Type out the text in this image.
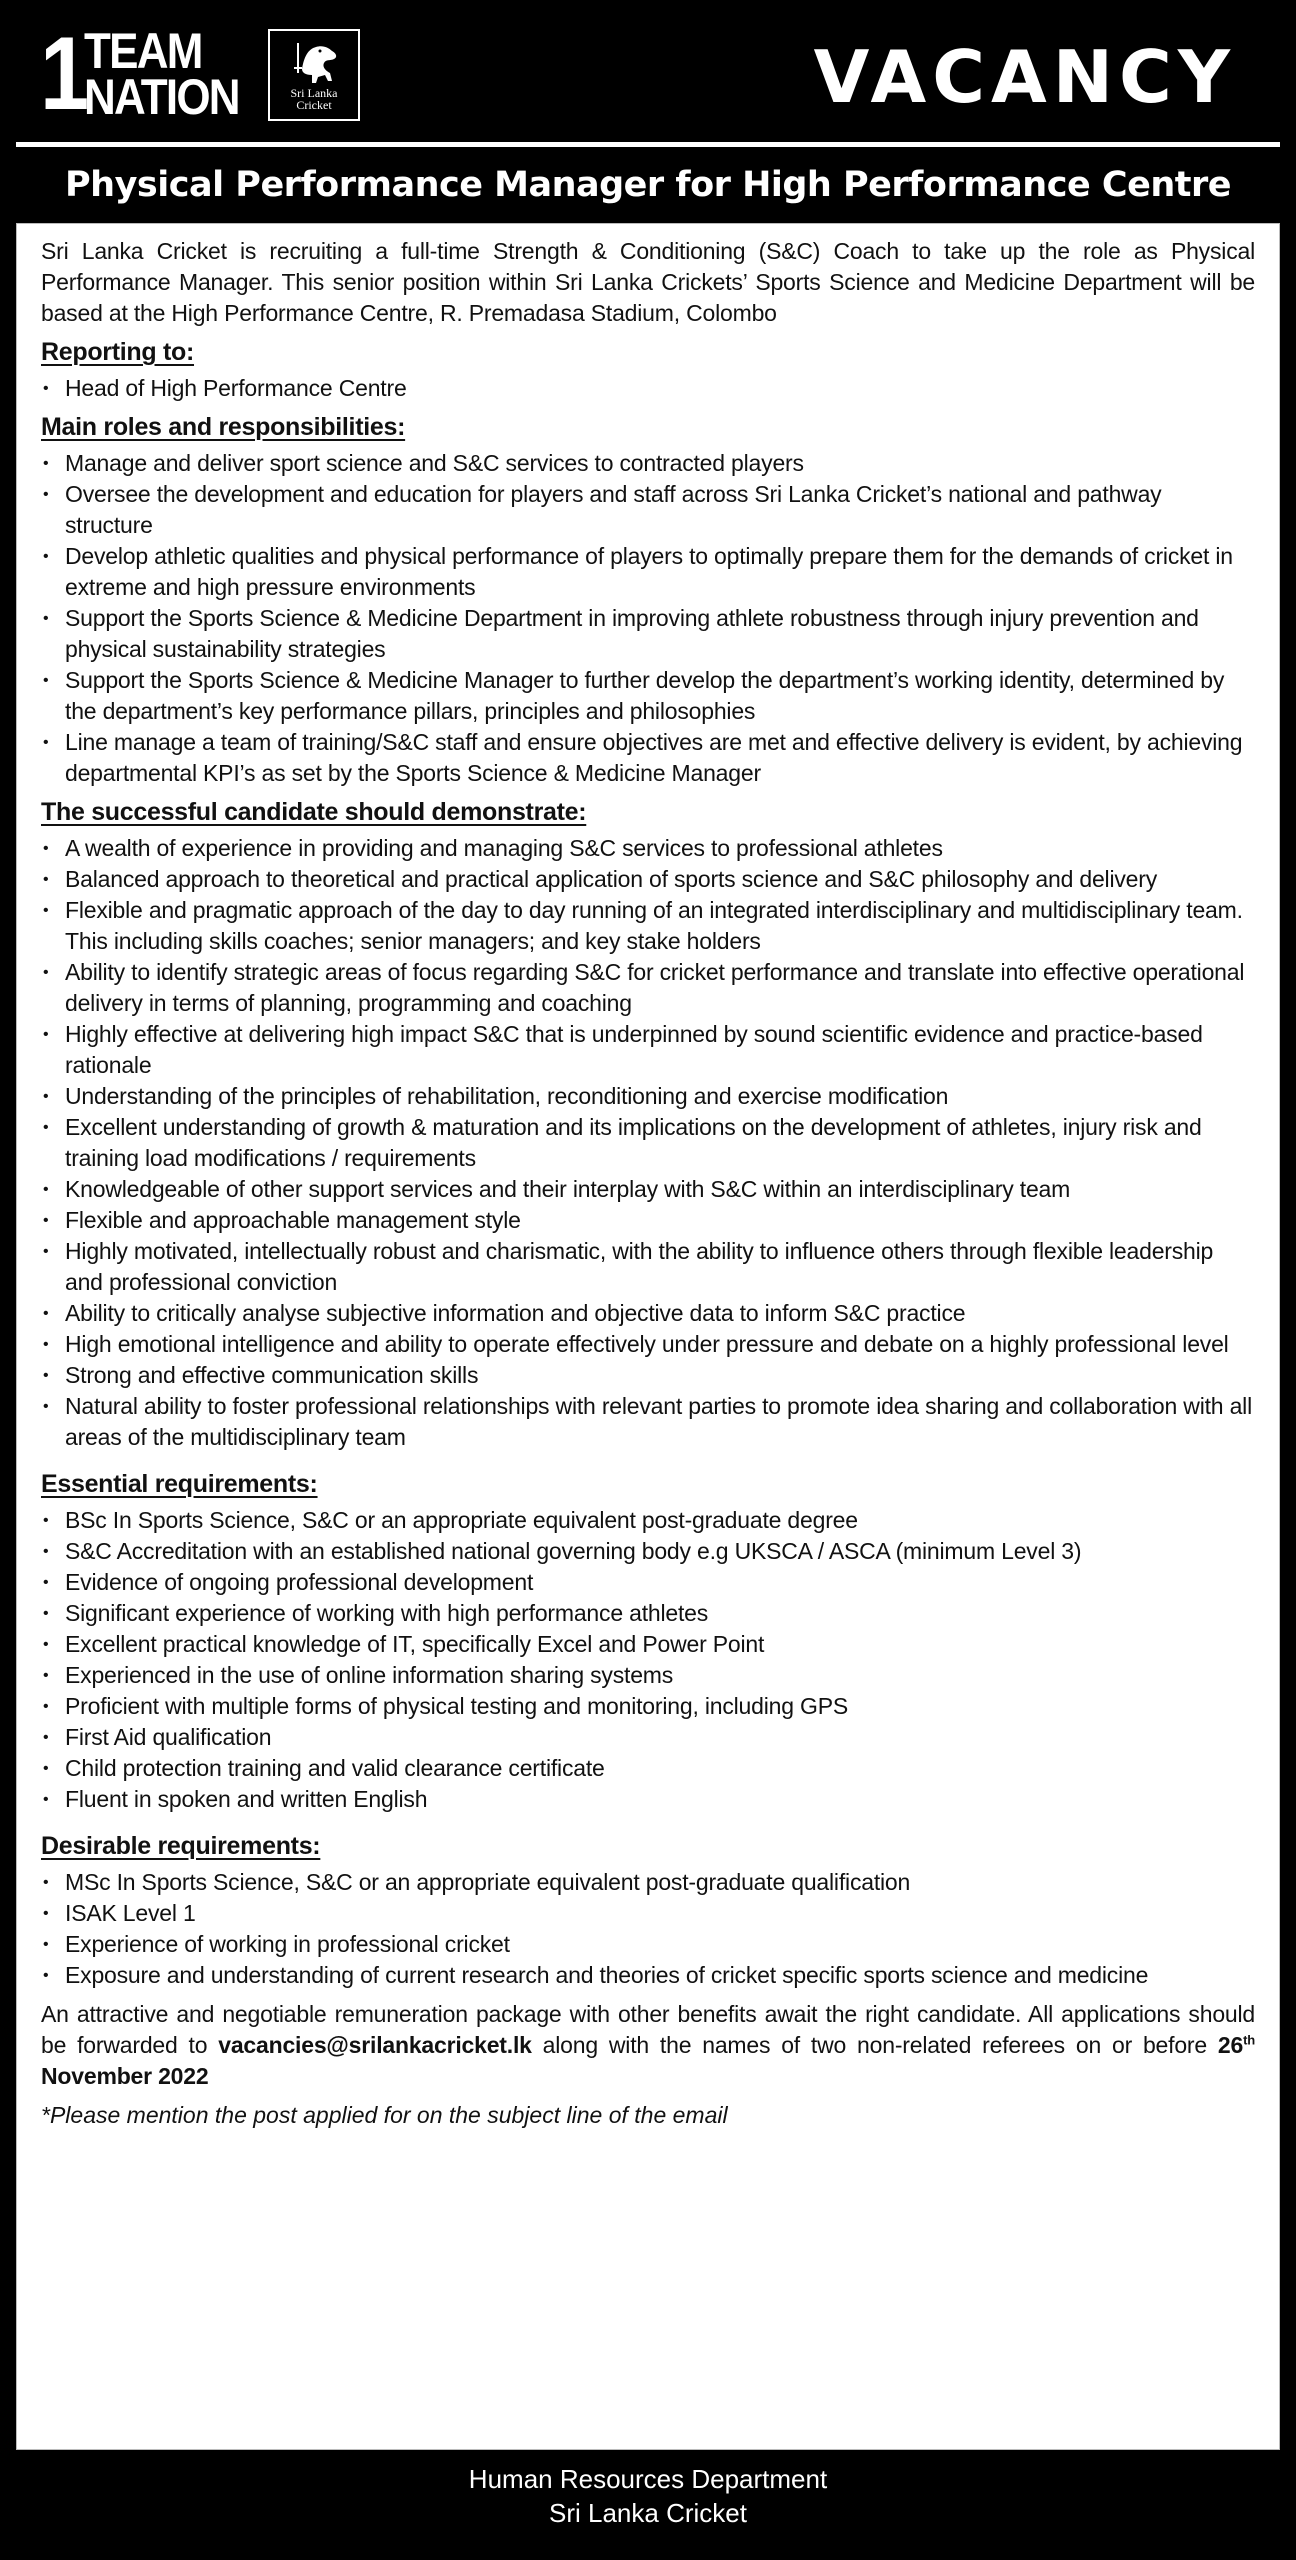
1 TEAM
NATION	Sri Lanka
Cricket	VACANCY
Physical Performance Manager for High Performance Centre

Sri Lanka Cricket is recruiting a full-time Strength & Conditioning (S&C) Coach to take up the role as Physical Performance Manager. This senior position within Sri Lanka Crickets’ Sports Science and Medicine Department will be based at the High Performance Centre, R. Premadasa Stadium, Colombo

Reporting to:
• Head of High Performance Centre
Main roles and responsibilities:
• Manage and deliver sport science and S&C services to contracted players
• Oversee the development and education for players and staff across Sri Lanka Cricket’s national and pathway structure
• Develop athletic qualities and physical performance of players to optimally prepare them for the demands of cricket in extreme and high pressure environments
• Support the Sports Science & Medicine Department in improving athlete robustness through injury prevention and physical sustainability strategies
• Support the Sports Science & Medicine Manager to further develop the department’s working identity, determined by the department’s key performance pillars, principles and philosophies
• Line manage a team of training/S&C staff and ensure objectives are met and effective delivery is evident, by achieving departmental KPI’s as set by the Sports Science & Medicine Manager
The successful candidate should demonstrate:
• A wealth of experience in providing and managing S&C services to professional athletes
• Balanced approach to theoretical and practical application of sports science and S&C philosophy and delivery
• Flexible and pragmatic approach of the day to day running of an integrated interdisciplinary and multidisciplinary team. This including skills coaches; senior managers; and key stake holders
• Ability to identify strategic areas of focus regarding S&C for cricket performance and translate into effective operational delivery in terms of planning, programming and coaching
• Highly effective at delivering high impact S&C that is underpinned by sound scientific evidence and practice-based rationale
• Understanding of the principles of rehabilitation, reconditioning and exercise modification
• Excellent understanding of growth & maturation and its implications on the development of athletes, injury risk and training load modifications / requirements
• Knowledgeable of other support services and their interplay with S&C within an interdisciplinary team
• Flexible and approachable management style
• Highly motivated, intellectually robust and charismatic, with the ability to influence others through flexible leadership and professional conviction
• Ability to critically analyse subjective information and objective data to inform S&C practice
• High emotional intelligence and ability to operate effectively under pressure and debate on a highly professional level
• Strong and effective communication skills
• Natural ability to foster professional relationships with relevant parties to promote idea sharing and collaboration with all areas of the multidisciplinary team
Essential requirements:
• BSc In Sports Science, S&C or an appropriate equivalent post-graduate degree
• S&C Accreditation with an established national governing body e.g UKSCA / ASCA (minimum Level 3)
• Evidence of ongoing professional development
• Significant experience of working with high performance athletes
• Excellent practical knowledge of IT, specifically Excel and Power Point
• Experienced in the use of online information sharing systems
• Proficient with multiple forms of physical testing and monitoring, including GPS
• First Aid qualification
• Child protection training and valid clearance certificate
• Fluent in spoken and written English
Desirable requirements:
• MSc In Sports Science, S&C or an appropriate equivalent post-graduate qualification
• ISAK Level 1
• Experience of working in professional cricket
• Exposure and understanding of current research and theories of cricket specific sports science and medicine

An attractive and negotiable remuneration package with other benefits await the right candidate. All applications should be forwarded to vacancies@srilankacricket.lk along with the names of two non-related referees on or before 26th November 2022

*Please mention the post applied for on the subject line of the email

Human Resources Department
Sri Lanka Cricket
